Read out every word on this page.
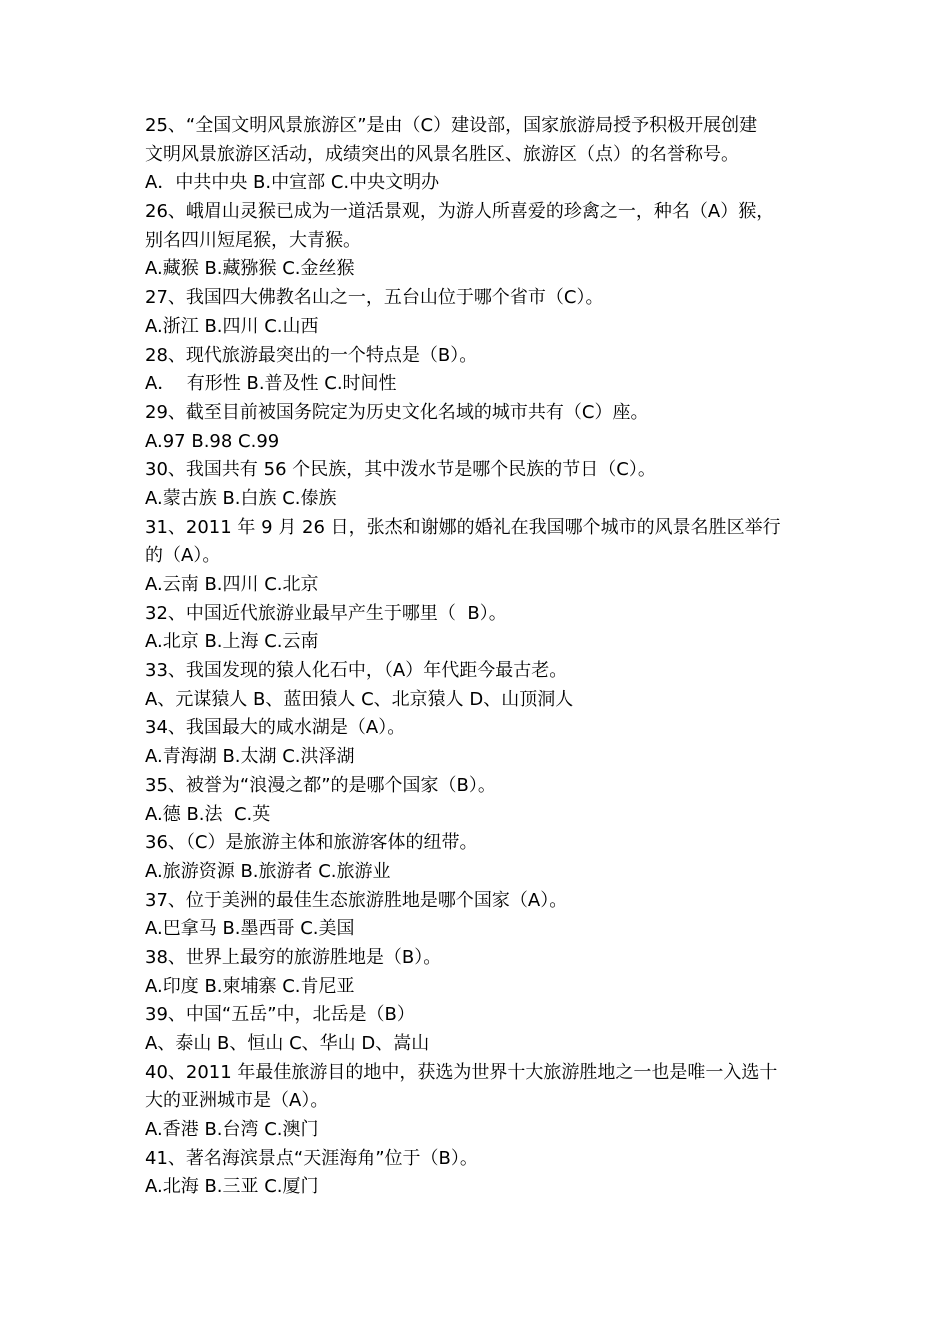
25、“全国文明风景旅游区”是由（C）建设部，国家旅游局授予积极开展创建

文明风景旅游区活动，成绩突出的风景名胜区、旅游区（点）的名誉称号。

A．中共中央 B.中宣部 C.中央文明办

26、峨眉山灵猴已成为一道活景观，为游人所喜爱的珍禽之一，种名（A）猴，

别名四川短尾猴，大青猴。

A.藏猴 B.藏猕猴 C.金丝猴

27、我国四大佛教名山之一，五台山位于哪个省市（C）。

A.浙江 B.四川 C.山西

28、现代旅游最突出的一个特点是（B）。

A．  有形性 B.普及性 C.时间性

29、截至目前被国务院定为历史文化名域的城市共有（C）座。

A.97 B.98 C.99

30、我国共有 56 个民族，其中泼水节是哪个民族的节日（C）。

A.蒙古族 B.白族 C.傣族

31、2011 年 9 月 26 日，张杰和谢娜的婚礼在我国哪个城市的风景名胜区举行

的（A）。

A.云南 B.四川 C.北京

32、中国近代旅游业最早产生于哪里（  B）。

A.北京 B.上海 C.云南

33、我国发现的猿人化石中，（A）年代距今最古老。

A、元谋猿人 B、蓝田猿人 C、北京猿人 D、山顶洞人

34、我国最大的咸水湖是（A）。

A.青海湖 B.太湖 C.洪泽湖

35、被誉为“浪漫之都”的是哪个国家（B）。

A.德 B.法  C.英

36、（C）是旅游主体和旅游客体的纽带。

A.旅游资源 B.旅游者 C.旅游业

37、位于美洲的最佳生态旅游胜地是哪个国家（A）。

A.巴拿马 B.墨西哥 C.美国

38、世界上最穷的旅游胜地是（B）。

A.印度 B.柬埔寨 C.肯尼亚

39、中国“五岳”中，北岳是（B）

A、泰山 B、恒山 C、华山 D、嵩山

40、2011 年最佳旅游目的地中，获选为世界十大旅游胜地之一也是唯一入选十

大的亚洲城市是（A）。

A.香港 B.台湾 C.澳门

41、著名海滨景点“天涯海角”位于（B）。

A.北海 B.三亚 C.厦门
